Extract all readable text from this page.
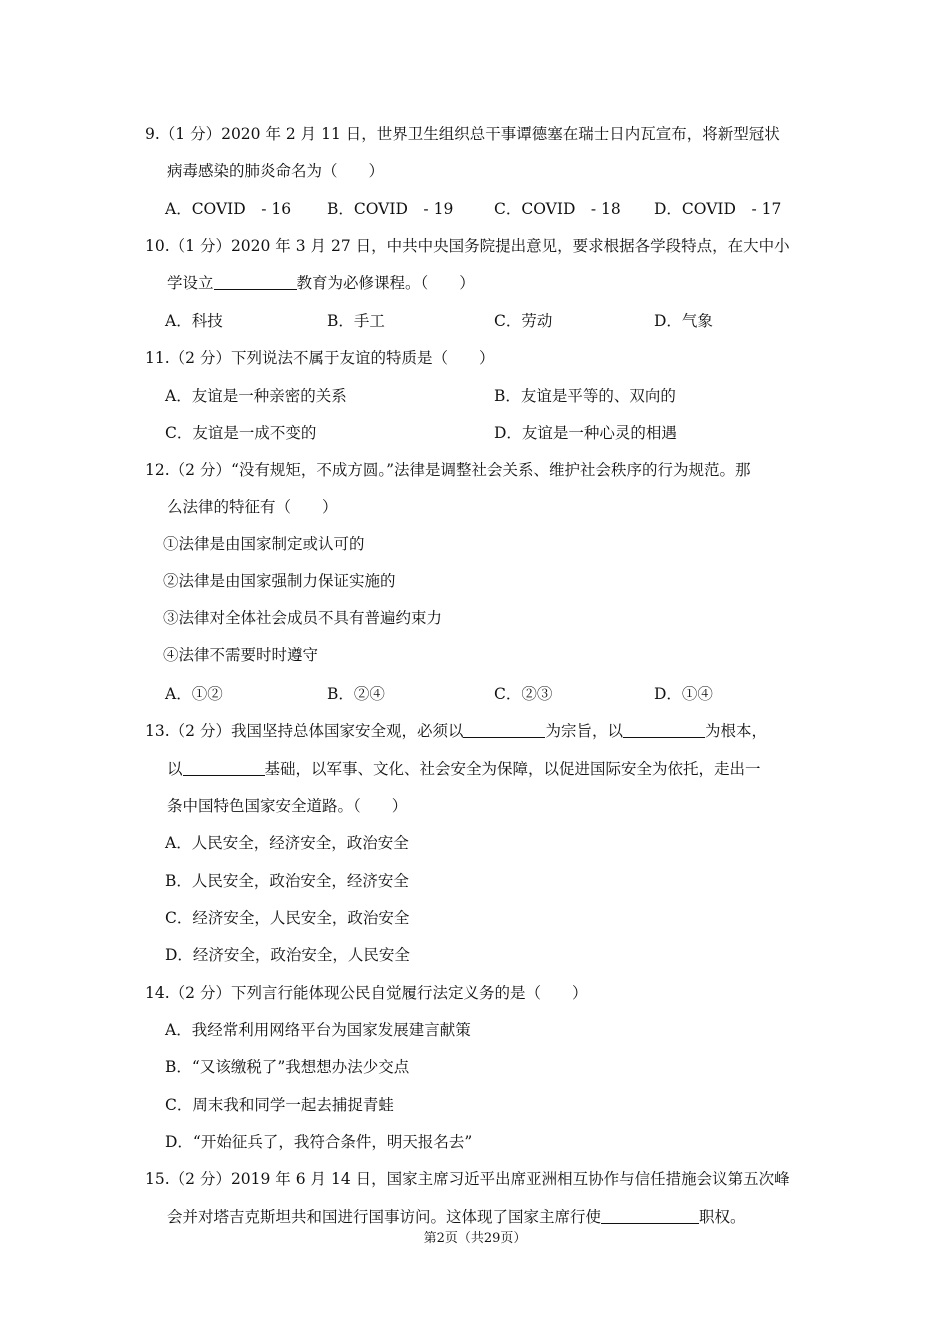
9.（1 分）2020 年 2 月 11 日，世界卫生组织总干事谭德塞在瑞士日内瓦宣布，将新型冠状
病毒感染的肺炎命名为（　　）
A．COVID　- 16 B．COVID　- 19	C．COVID　- 18 D．COVID　- 17
10.（1 分）2020 年 3 月 27 日，中共中央国务院提出意见，要求根据各学段特点，在大中小
学设立	教育为必修课程。（　　）
A．科技	B．手工	C．劳动	D．气象
11.（2 分）下列说法不属于友谊的特质是（　　）
A．友谊是一种亲密的关系	B．友谊是平等的、双向的
C．友谊是一成不变的	D．友谊是一种心灵的相遇
12.（2 分）“没有规矩，不成方圆。”法律是调整社会关系、维护社会秩序的行为规范。那
么法律的特征有（　　）
①法律是由国家制定或认可的
②法律是由国家强制力保证实施的
③法律对全体社会成员不具有普遍约束力
④法律不需要时时遵守
A．①②	B．②④	C．②③	D．①④
13.（2 分）我国坚持总体国家安全观，必须以	为宗旨，以	为根本，
以	基础，以军事、文化、社会安全为保障，以促进国际安全为依托，走出一
条中国特色国家安全道路。（　　）
A．人民安全，经济安全，政治安全
B．人民安全，政治安全，经济安全
C．经济安全，人民安全，政治安全
D．经济安全，政治安全，人民安全
14.（2 分）下列言行能体现公民自觉履行法定义务的是（　　）
A．我经常利用网络平台为国家发展建言献策
B．“又该缴税了”我想想办法少交点
C．周末我和同学一起去捕捉青蛙
D．“开始征兵了，我符合条件，明天报名去”
15.（2 分）2019 年 6 月 14 日，国家主席习近平出席亚洲相互协作与信任措施会议第五次峰
会并对塔吉克斯坦共和国进行国事访问。这体现了国家主席行使	职权。
第2页（共29页）
